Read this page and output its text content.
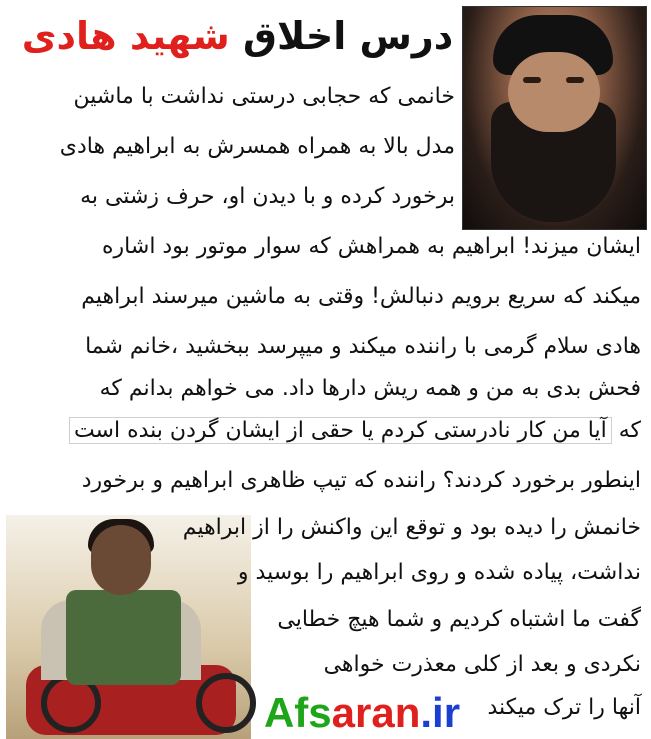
درس اخلاق شهید هادی
خانمی که حجابی درستی نداشت با ماشین
مدل بالا به همراه همسرش به ابراهیم هادی
برخورد کرده و با دیدن او، حرف زشتی به
ایشان میزند! ابراهیم به همراهش که سوار موتور بود اشاره
میکند که سریع برویم دنبالش! وقتی به ماشین میرسند ابراهیم
هادی سلام گرمی با راننده میکند و میپرسد ببخشید ،خانم شما
فحش بدی به من و همه ریش دارها داد. می خواهم بدانم که
که آیا من کار نادرستی کردم یا حقی از ایشان گردن بنده است
اینطور برخورد کردند؟ راننده که تیپ ظاهری ابراهیم و برخورد
خانمش را دیده بود و توقع این واکنش را از ابراهیم
نداشت، پیاده شده و روی ابراهیم را بوسید و
گفت ما اشتباه کردیم و شما هیچ خطایی
نکردی و بعد از کلی معذرت خواهی
آنها را ترک میکند
Afsaran.ir
